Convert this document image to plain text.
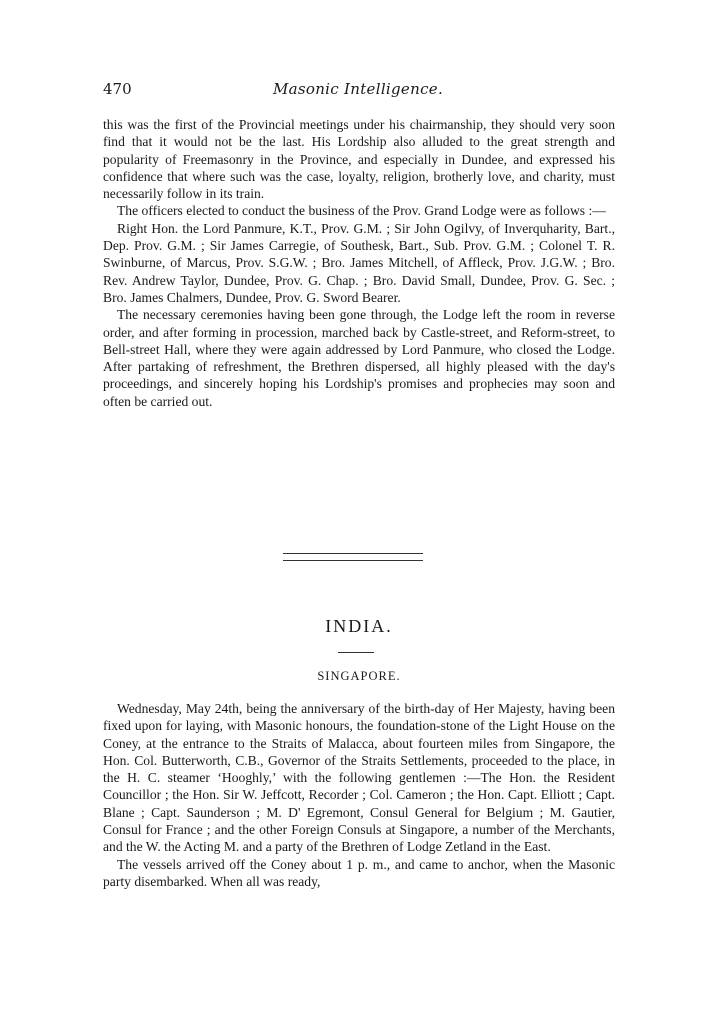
470	Masonic Intelligence.

this was the first of the Provincial meetings under his chairmanship, they should very soon find that it would not be the last. His Lordship also alluded to the great strength and popularity of Freemasonry in the Province, and especially in Dundee, and expressed his confidence that where such was the case, loyalty, religion, brotherly love, and charity, must necessarily follow in its train.

The officers elected to conduct the business of the Prov. Grand Lodge were as follows :—

Right Hon. the Lord Panmure, K.T., Prov. G.M. ; Sir John Ogilvy, of Inverquharity, Bart., Dep. Prov. G.M. ; Sir James Carregie, of Southesk, Bart., Sub. Prov. G.M. ; Colonel T. R. Swinburne, of Marcus, Prov. S.G.W. ; Bro. James Mitchell, of Affleck, Prov. J.G.W. ; Bro. Rev. Andrew Taylor, Dundee, Prov. G. Chap. ; Bro. David Small, Dundee, Prov. G. Sec. ; Bro. James Chalmers, Dundee, Prov. G. Sword Bearer.

The necessary ceremonies having been gone through, the Lodge left the room in reverse order, and after forming in procession, marched back by Castle-street, and Reform-street, to Bell-street Hall, where they were again addressed by Lord Panmure, who closed the Lodge. After partaking of refreshment, the Brethren dispersed, all highly pleased with the day's proceedings, and sincerely hoping his Lordship's promises and prophecies may soon and often be carried out.

INDIA.
SINGAPORE.

Wednesday, May 24th, being the anniversary of the birth-day of Her Majesty, having been fixed upon for laying, with Masonic honours, the foundation-stone of the Light House on the Coney, at the entrance to the Straits of Malacca, about fourteen miles from Singapore, the Hon. Col. Butterworth, C.B., Governor of the Straits Settlements, proceeded to the place, in the H. C. steamer ‘Hooghly,’ with the following gentlemen :—The Hon. the Resident Councillor ; the Hon. Sir W. Jeffcott, Recorder ; Col. Cameron ; the Hon. Capt. Elliott ; Capt. Blane ; Capt. Saunderson ; M. D' Egremont, Consul General for Belgium ; M. Gautier, Consul for France ; and the other Foreign Consuls at Singapore, a number of the Merchants, and the W. the Acting M. and a party of the Brethren of Lodge Zetland in the East.

The vessels arrived off the Coney about 1 p. m., and came to anchor, when the Masonic party disembarked. When all was ready,
